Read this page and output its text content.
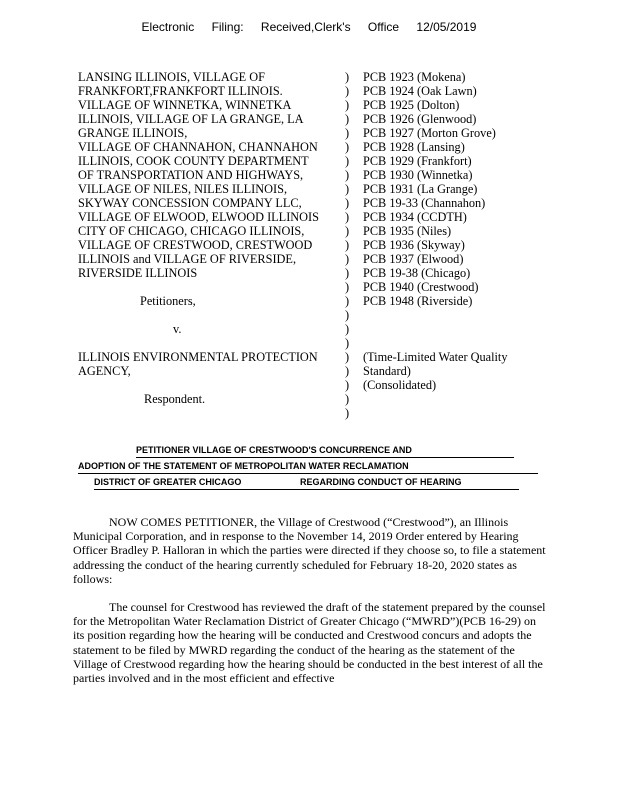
Electronic Filing: Received,Clerk's Office 12/05/2019
LANSING ILLINOIS, VILLAGE OF
FRANKFORT,FRANKFORT ILLINOIS.
VILLAGE OF WINNETKA, WINNETKA
ILLINOIS, VILLAGE OF LA GRANGE, LA
GRANGE ILLINOIS,
VILLAGE OF CHANNAHON, CHANNAHON
ILLINOIS, COOK COUNTY DEPARTMENT
OF TRANSPORTATION AND HIGHWAYS,
VILLAGE OF NILES, NILES ILLINOIS,
SKYWAY CONCESSION COMPANY LLC,
VILLAGE OF ELWOOD, ELWOOD ILLINOIS
CITY OF CHICAGO, CHICAGO ILLINOIS,
VILLAGE OF CRESTWOOD, CRESTWOOD
ILLINOIS and VILLAGE OF RIVERSIDE,
RIVERSIDE ILLINOIS
Petitioners,
v.
ILLINOIS ENVIRONMENTAL PROTECTION
AGENCY,
Respondent.
)
)
)
)
)
)
)
)
)
)
)
)
)
)
)
)
)
)
)
)
)
)
)
)
)
PCB 1923 (Mokena)
PCB 1924 (Oak Lawn)
PCB 1925 (Dolton)
PCB 1926 (Glenwood)
PCB 1927 (Morton Grove)
PCB 1928 (Lansing)
PCB 1929 (Frankfort)
PCB 1930 (Winnetka)
PCB 1931 (La Grange)
PCB 19-33 (Channahon)
PCB 1934 (CCDTH)
PCB 1935 (Niles)
PCB 1936 (Skyway)
PCB 1937 (Elwood)
PCB 19-38 (Chicago)
PCB 1940 (Crestwood)
PCB 1948 (Riverside)
(Time-Limited Water Quality
Standard)
(Consolidated)
PETITIONER VILLAGE OF CRESTWOOD'S CONCURRENCE AND
ADOPTION OF THE STATEMENT OF METROPOLITAN WATER RECLAMATION
DISTRICT OF GREATER CHICAGO	REGARDING CONDUCT OF HEARING

NOW COMES PETITIONER, the Village of Crestwood (“Crestwood”), an Illinois Municipal Corporation, and in response to the November 14, 2019 Order entered by Hearing Officer Bradley P. Halloran in which the parties were directed if they choose so, to file a statement addressing the conduct of the hearing currently scheduled for February 18-20, 2020 states as follows:

The counsel for Crestwood has reviewed the draft of the statement prepared by the counsel for the Metropolitan Water Reclamation District of Greater Chicago (“MWRD”)(PCB 16-29) on its position regarding how the hearing will be conducted and Crestwood concurs and adopts the statement to be filed by MWRD regarding the conduct of the hearing as the statement of the Village of Crestwood regarding how the hearing should be conducted in the best interest of all the parties involved and in the most efficient and effective
